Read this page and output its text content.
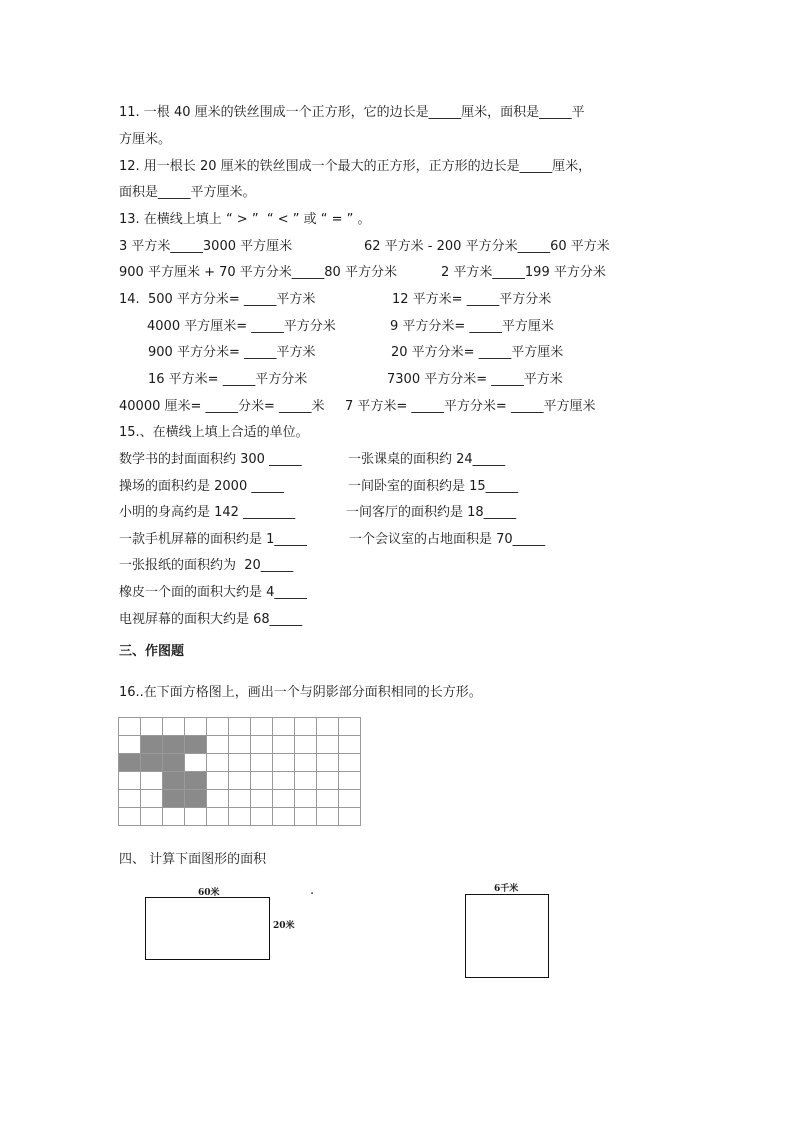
11. 一根 40 厘米的铁丝围成一个正方形，它的边长是_____厘米，面积是_____平
方厘米。
12. 用一根长 20 厘米的铁丝围成一个最大的正方形，正方形的边长是_____厘米，
面积是_____平方厘米。
13. 在横线上填上 “ > ”  “ < ” 或 “ = ” 。
3 平方米_____3000 平方厘米	62 平方米 - 200 平方分米_____60 平方米
900 平方厘米 + 70 平方分米_____80 平方分米	2 平方米_____199 平方分米
14.  500 平方分米= _____平方米	12 平方米= _____平方分米
4000 平方厘米= _____平方分米	9 平方分米= _____平方厘米
900 平方分米= _____平方米	20 平方分米= _____平方厘米
16 平方米= _____平方分米	7300 平方分米= _____平方米
40000 厘米= _____分米= _____米 7 平方米= _____平方分米= _____平方厘米
15.、在横线上填上合适的单位。
数学书的封面面积约 300 _____	一张课桌的面积约 24_____
操场的面积约是 2000 _____	一间卧室的面积约是 15_____
小明的身高约是 142 ________	一间客厅的面积约是 18_____
一款手机屏幕的面积约是 1_____	一个会议室的占地面积是 70_____
一张报纸的面积约为  20_____
橡皮一个面的面积大约是 4_____
电视屏幕的面积大约是 68_____
三、作图题
16..在下面方格图上，画出一个与阴影部分面积相同的长方形。

四、 计算下面图形的面积
60米
20米
.	6千米
